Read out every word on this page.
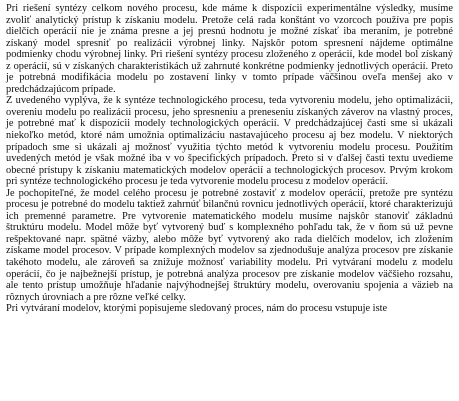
Pri riešení syntézy celkom nového procesu, kde máme k dispozícii experimentálne výsledky, musíme zvoliť analytický prístup k získaniu modelu. Pretože celá rada konštánt vo vzorcoch používa pre popis dielčích operácií nie je známa presne a jej presnú hodnotu je možné získať iba meraním, je potrebné získaný model spresniť po realizácii výrobnej linky. Najskôr potom spresnení nájdeme optimálne podmienky chodu výrobnej linky. Pri riešení syntézy procesu zloženého z operácií, kde model bol získaný z operácií, sú v získaných charakteristikách už zahrnuté konkrétne podmienky jednotlivých operácií. Preto je potrebná modifikácia modelu po zostavení linky v tomto prípade väčšinou oveľa menšej ako v predchádzajúcom prípade.

Z uvedeného vyplýva, že k syntéze technologického procesu, teda vytvoreniu modelu, jeho optimalizácii, overeniu modelu po realizácii procesu, jeho spresneniu a preneseniu získaných záverov na vlastný proces, je potrebné mať k dispozícii modely technologických operácií. V predchádzajúcej časti sme si ukázali niekoľko metód, ktoré nám umožnia optimalizáciu nastavajúceho procesu aj bez modelu. V niektorých prípadoch sme si ukázali aj možnosť využitia týchto metód k vytvoreniu modelu procesu. Použitím uvedených metód je však možné iba v vo špecifických prípadoch. Preto si v ďalšej časti textu uvedieme obecné prístupy k získaniu matematických modelov operácií a technologických procesov. Prvým krokom pri syntéze technologického procesu je teda vytvorenie modelu procesu z modelov operácií.

Je pochopiteľné, že model celého procesu je potrebné zostaviť z modelov operácií, pretože pre syntézu procesu je potrebné do modelu taktiež zahrnúť bilančnú rovnicu jednotlivých operácií, ktoré charakterizujú ich premenné parametre. Pre vytvorenie matematického modelu musíme najskôr stanoviť základnú štruktúru modelu. Model môže byť vytvorený buď s komplexného pohľadu tak, že v ňom sú už pevne rešpektované napr. spätné väzby, alebo môže byť vytvorený ako rada dielčích modelov, ich zložením získame model procesov. V prípade komplexných modelov sa zjednodušuje analýza procesov pre získanie takéhoto modelu, ale zároveň sa znižuje možnosť variability modelu. Pri vytváraní modelu z modelu operácií, čo je najbežnejší prístup, je potrebná analýza procesov pre získanie modelov väčšieho rozsahu, ale tento prístup umožňuje hľadanie najvýhodnejšej štruktúry modelu, overovaniu spojenia a väzieb na rôznych úrovniach a pre rôzne veľké celky.

Pri vytváraní modelov, ktorými popisujeme sledovaný proces, nám do procesu vstupuje iste
